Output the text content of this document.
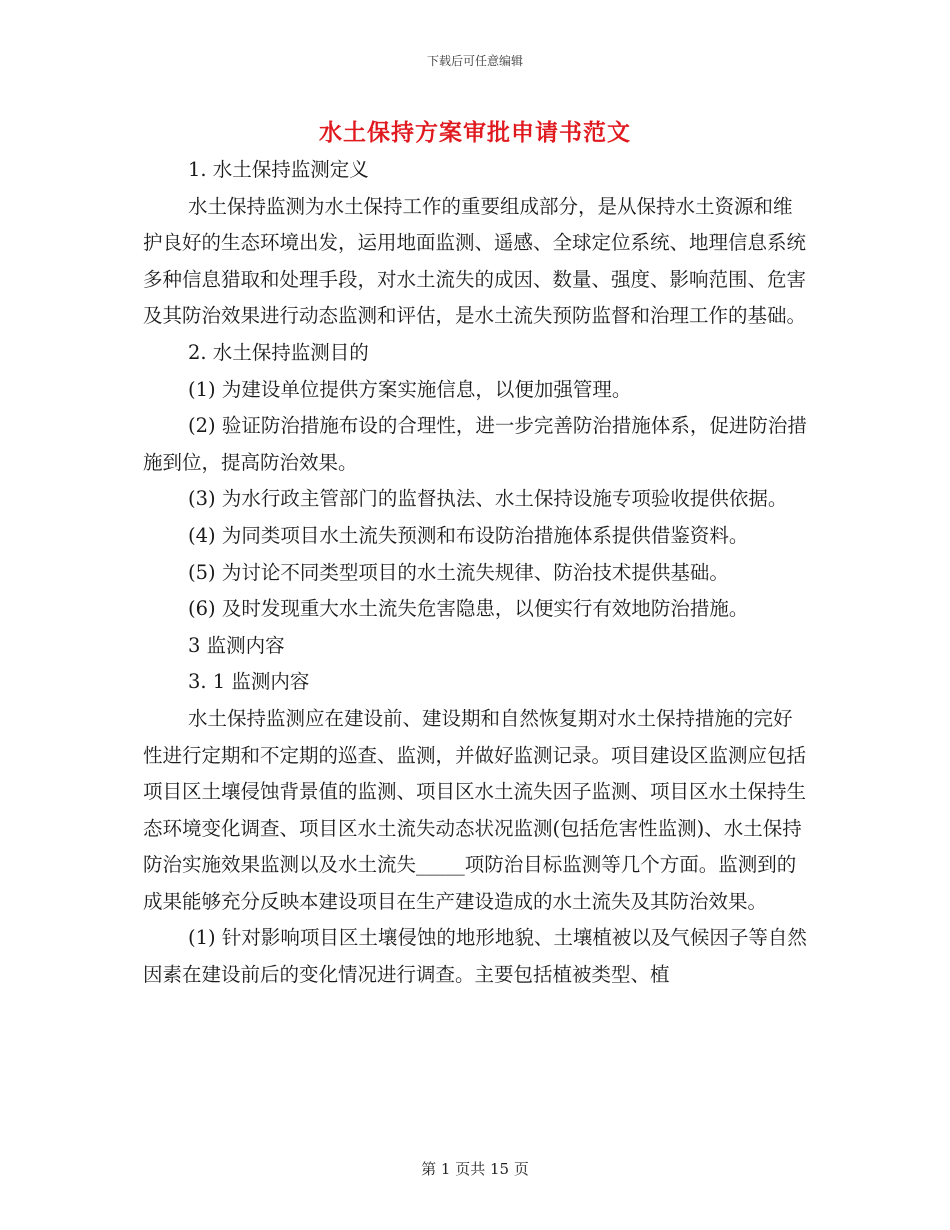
下载后可任意编辑
水土保持方案审批申请书范文

1. 水土保持监测定义

水土保持监测为水土保持工作的重要组成部分，是从保持水土资源和维护良好的生态环境出发，运用地面监测、遥感、全球定位系统、地理信息系统多种信息猎取和处理手段，对水土流失的成因、数量、强度、影响范围、危害及其防治效果进行动态监测和评估，是水土流失预防监督和治理工作的基础。

2. 水土保持监测目的

(1) 为建设单位提供方案实施信息，以便加强管理。

(2) 验证防治措施布设的合理性，进一步完善防治措施体系，促进防治措施到位，提高防治效果。

(3) 为水行政主管部门的监督执法、水土保持设施专项验收提供依据。

(4) 为同类项目水土流失预测和布设防治措施体系提供借鉴资料。

(5) 为讨论不同类型项目的水土流失规律、防治技术提供基础。

(6) 及时发现重大水土流失危害隐患，以便实行有效地防治措施。

3 监测内容

3. 1 监测内容

水土保持监测应在建设前、建设期和自然恢复期对水土保持措施的完好性进行定期和不定期的巡查、监测，并做好监测记录。项目建设区监测应包括项目区土壤侵蚀背景值的监测、项目区水土流失因子监测、项目区水土保持生态环境变化调查、项目区水土流失动态状况监测(包括危害性监测)、水土保持防治实施效果监测以及水土流失_____项防治目标监测等几个方面。监测到的成果能够充分反映本建设项目在生产建设造成的水土流失及其防治效果。

(1) 针对影响项目区土壤侵蚀的地形地貌、土壤植被以及气候因子等自然因素在建设前后的变化情况进行调查。主要包括植被类型、植

第 1 页共 15 页
